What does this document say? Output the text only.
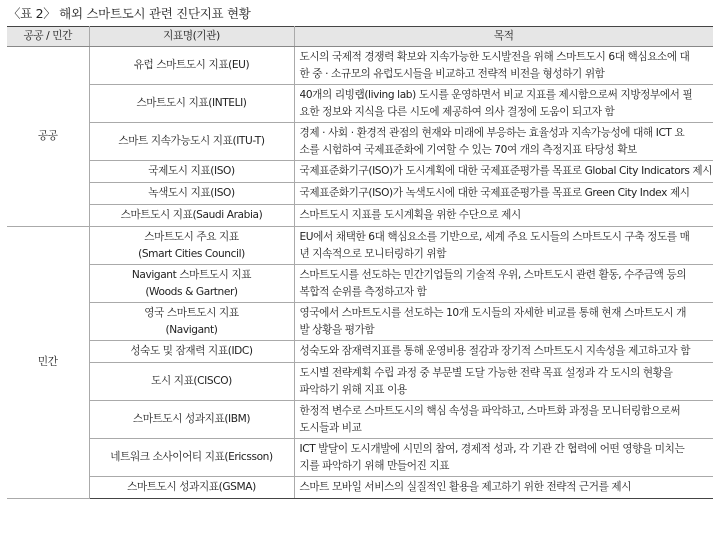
〈표 2〉 해외 스마트도시 관련 진단지표 현황
공공 / 민간	지표명(기관)	목적
공공	유럽 스마트도시 지표(EU)	도시의 국제적 경쟁력 확보와 지속가능한 도시발전을 위해 스마트도시 6대 핵심요소에 대
한 중 · 소규모의 유럽도시들을 비교하고 전략적 비전을 형성하기 위함

	스마트도시 지표(INTELI)	40개의 리빙랩(living lab) 도시를 운영하면서 비교 지표를 제시함으로써 지방정부에서 필
요한 정보와 지식을 다른 시도에 제공하여 의사 결정에 도움이 되고자 함

	스마트 지속가능도시 지표(ITU-T)	경제 · 사회 · 환경적 관점의 현재와 미래에 부응하는 효율성과 지속가능성에 대해 ICT 요
소를 시험하여 국제표준화에 기여할 수 있는 70여 개의 측정지표 타당성 확보

	국제도시 지표(ISO)	국제표준화기구(ISO)가 도시계획에 대한 국제표준평가를 목표로 Global City Indicators 제시

	녹색도시 지표(ISO)	국제표준화기구(ISO)가 녹색도시에 대한 국제표준평가를 목표로 Green City Index 제시

	스마트도시 지표(Saudi Arabia)	스마트도시 지표를 도시계획을 위한 수단으로 제시

민간	스마트도시 주요 지표
(Smart Cities Council)	EU에서 채택한 6대 핵심요소를 기반으로, 세계 주요 도시들의 스마트도시 구축 정도를 매
년 지속적으로 모니터링하기 위함

	Navigant 스마트도시 지표
(Woods & Gartner)	스마트도시를 선도하는 민간기업들의 기술적 우위, 스마트도시 관련 활동, 수주금액 등의
복합적 순위를 측정하고자 함

	영국 스마트도시 지표
(Navigant)	영국에서 스마트도시를 선도하는 10개 도시들의 자세한 비교를 통해 현재 스마트도시 개
발 상황을 평가함

	성숙도 및 잠재력 지표(IDC)	성숙도와 잠재력지표를 통해 운영비용 절감과 장기적 스마트도시 지속성을 제고하고자 함

	도시 지표(CISCO)	도시별 전략계획 수립 과정 중 부문별 도달 가능한 전략 목표 설정과 각 도시의 현황을
파악하기 위해 지표 이용

	스마트도시 성과지표(IBM)	한정적 변수로 스마트도시의 핵심 속성을 파악하고, 스마트화 과정을 모니터링함으로써
도시들과 비교

	네트워크 소사이어티 지표(Ericsson)	ICT 발달이 도시개발에 시민의 참여, 경제적 성과, 각 기관 간 협력에 어떤 영향을 미치는
지를 파악하기 위해 만들어진 지표

	스마트도시 성과지표(GSMA)	스마트 모바일 서비스의 실질적인 활용을 제고하기 위한 전략적 근거를 제시
